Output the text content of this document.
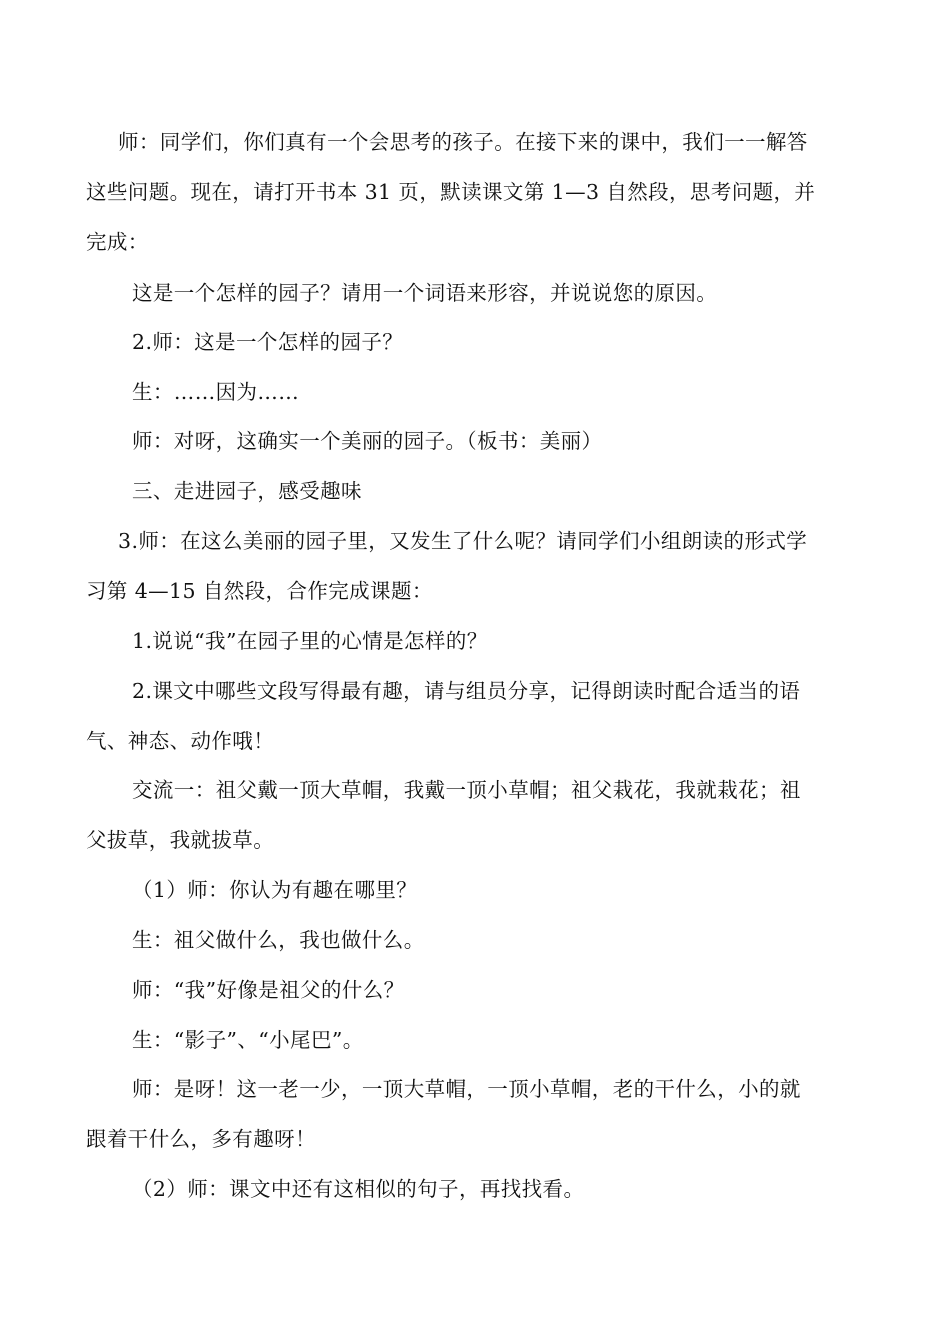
师：同学们，你们真有一个会思考的孩子。在接下来的课中，我们一一解答
这些问题。现在，请打开书本 31 页，默读课文第 1—3 自然段，思考问题，并
完成：
这是一个怎样的园子？请用一个词语来形容，并说说您的原因。
2.师：这是一个怎样的园子？
生：……因为……
师：对呀，这确实一个美丽的园子。（板书：美丽）
三、走进园子，感受趣味
3.师：在这么美丽的园子里，又发生了什么呢？请同学们小组朗读的形式学
习第 4—15 自然段，合作完成课题：
1.说说“我”在园子里的心情是怎样的？
2.课文中哪些文段写得最有趣，请与组员分享，记得朗读时配合适当的语
气、神态、动作哦！
交流一：祖父戴一顶大草帽，我戴一顶小草帽；祖父栽花，我就栽花；祖
父拔草，我就拔草。
（1）师：你认为有趣在哪里？
生：祖父做什么，我也做什么。
师：“我”好像是祖父的什么？
生：“影子”、“小尾巴”。
师：是呀！这一老一少，一顶大草帽，一顶小草帽，老的干什么，小的就
跟着干什么，多有趣呀！
（2）师：课文中还有这相似的句子，再找找看。
